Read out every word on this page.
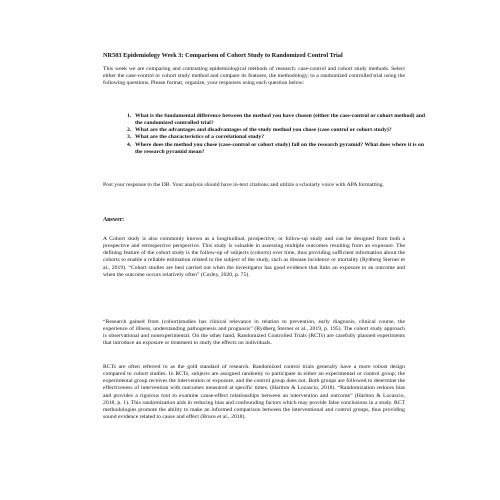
NR503 Epidemiology Week 3: Comparison of Cohort Study to Randomized Control Trial

This week we are comparing and contrasting epidemiological methods of research: case-control and cohort study methods. Select either the case-control or cohort study method and compare its features, the methodology, to a randomized controlled trial using the following questions. Please format, organize, your responses using each question below:

1. What is the fundamental difference between the method you have chosen (either the case-control or cohort method) and the randomized controlled trial?
2. What are the advantages and disadvantages of the study method you chose (case control or cohort study)?
3. What are the characteristics of a correlational study?
4. Where does the method you chose (case-control or cohort study) fall on the research pyramid? What does where it is on the research pyramid mean?

Post your response to the DB. Your analysis should have in-text citations and utilize a scholarly voice with APA formatting.

Answer:

A Cohort study is also commonly known as a longitudinal, prospective, or follow-up study and can be designed from both a prospective and retrospective perspective. This study is valuable in assessing multiple outcomes resulting from an exposure. The defining feature of the cohort study is the follow-up of subjects (cohorts) over time, thus providing sufficient information about the cohorts to enable a reliable estimation related to the subject of the study, such as disease incidence or mortality (Rydberg Sterner et al., 2019). “Cohort studies are best carried out when the investigator has good evidence that links an exposure to an outcome and when the outcome occurs relatively often” (Curley, 2020, p. 75).

“Research gained from (cohort)studies has clinical relevance in relation to prevention, early diagnosis, clinical course, the experience of illness, understanding pathogenesis and prognosis” (Rydberg Sterner et al., 2019, p. 195). The cohort study approach is observational and nonexperimental. On the other hand, Randomized Controlled Trials (RCTs) are carefully planned experiments that introduce an exposure or treatment to study the effects on individuals.

RCTs are often referred to as the gold standard of research. Randomized control trials generally have a more robust design compared to cohort studies. In RCTs, subjects are assigned randomly to participate in either an experimental or control group; the experimental group receives the intervention or exposure, and the control group does not. Both groups are followed to determine the effectiveness of intervention with outcomes measured at specific times. (Hariton & Locascio, 2018). “Randomization reduces bias and provides a rigorous tool to examine cause-effect relationships between an intervention and outcome” (Hariton & Locascio, 2018, p. 1). This randomization aids in reducing bias and confounding factors which may provide false conclusions in a study. RCT methodologies promote the ability to make an informed comparison between the interventional and control groups, thus providing sound evidence related to cause and effect (Bruce et al., 2018).
